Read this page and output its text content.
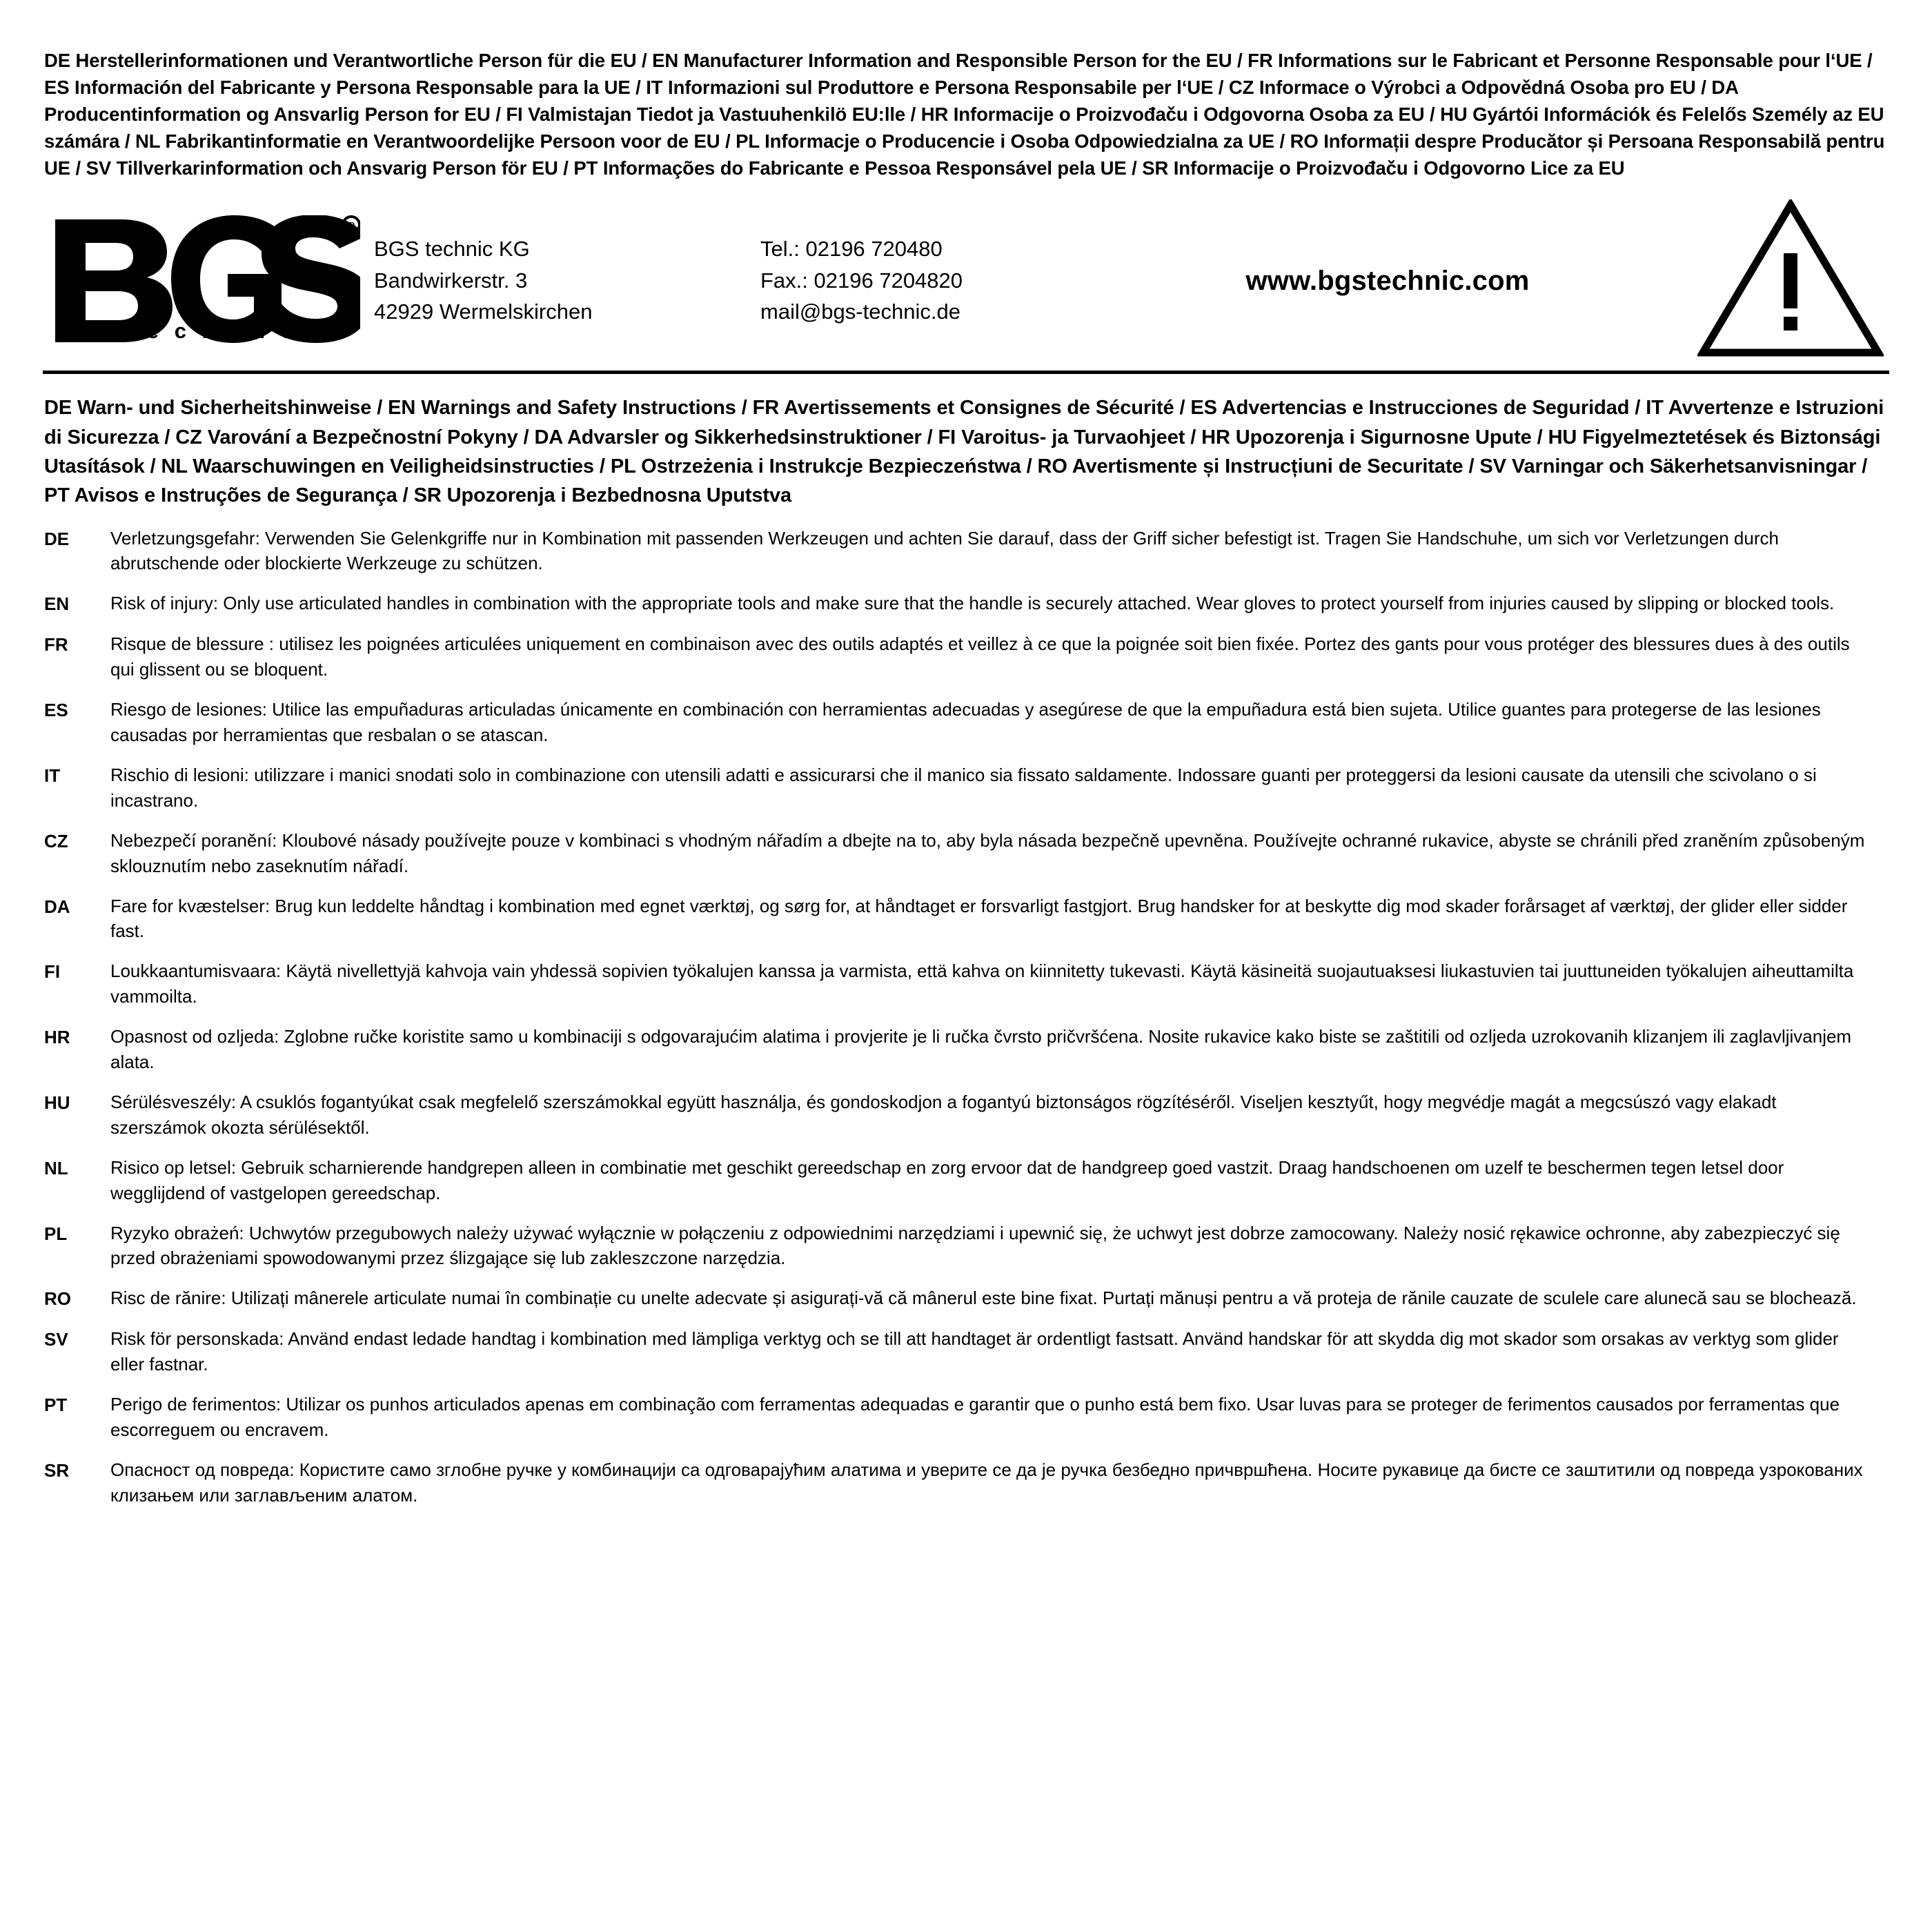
DE Herstellerinformationen und Verantwortliche Person für die EU / EN Manufacturer Information and Responsible Person for the EU / FR Informations sur le Fabricant et Personne Responsable pour l‘UE / ES Información del Fabricante y Persona Responsable para la UE / IT Informazioni sul Produttore e Persona Responsabile per l‘UE / CZ Informace o Výrobci a Odpovědná Osoba pro EU / DA Producentinformation og Ansvarlig Person for EU / FI Valmistajan Tiedot ja Vastuuhenkilö EU:lle / HR Informacije o Proizvođaču i Odgovorna Osoba za EU / HU Gyártói Információk és Felelős Személy az EU számára / NL Fabrikantinformatie en Verantwoordelijke Persoon voor de EU / PL Informacje o Producencie i Osoba Odpowiedzialna za UE / RO Informații despre Producător și Persoana Responsabilă pentru UE / SV Tillverkarinformation och Ansvarig Person för EU / PT Informações do Fabricante e Pessoa Responsável pela UE / SR Informacije o Proizvođaču i Odgovorno Lice za EU
R
t e c h n i c
BGS technic KG
Bandwirkerstr. 3
42929 Wermelskirchen
Tel.: 02196 720480
Fax.: 02196 7204820
mail@bgs-technic.de
www.bgstechnic.com
DE Warn- und Sicherheitshinweise / EN Warnings and Safety Instructions / FR Avertissements et Consignes de Sécurité / ES Advertencias e Instrucciones de Seguridad / IT Avvertenze e Istruzioni di Sicurezza / CZ Varování a Bezpečnostní Pokyny / DA Advarsler og Sikkerhedsinstruktioner / FI Varoitus- ja Turvaohjeet / HR Upozorenja i Sigurnosne Upute / HU Figyelmeztetések és Biztonsági Utasítások / NL Waarschuwingen en Veiligheidsinstructies / PL Ostrzeżenia i Instrukcje Bezpieczeństwa / RO Avertismente și Instrucțiuni de Securitate / SV Varningar och Säkerhetsanvisningar / PT Avisos e Instruções de Segurança / SR Upozorenja i Bezbednosna Uputstva
DE	Verletzungsgefahr: Verwenden Sie Gelenkgriffe nur in Kombination mit passenden Werkzeugen und achten Sie darauf, dass der Griff sicher befestigt ist. Tragen Sie Handschuhe, um sich vor Verletzungen durch abrutschende oder blockierte Werkzeuge zu schützen.
EN	Risk of injury: Only use articulated handles in combination with the appropriate tools and make sure that the handle is securely attached. Wear gloves to protect yourself from injuries caused by slipping or blocked tools.
FR	Risque de blessure : utilisez les poignées articulées uniquement en combinaison avec des outils adaptés et veillez à ce que la poignée soit bien fixée. Portez des gants pour vous protéger des blessures dues à des outils qui glissent ou se bloquent.
ES	Riesgo de lesiones: Utilice las empuñaduras articuladas únicamente en combinación con herramientas adecuadas y asegúrese de que la empuñadura está bien sujeta. Utilice guantes para protegerse de las lesiones causadas por herramientas que resbalan o se atascan.
IT	Rischio di lesioni: utilizzare i manici snodati solo in combinazione con utensili adatti e assicurarsi che il manico sia fissato saldamente. Indossare guanti per proteggersi da lesioni causate da utensili che scivolano o si incastrano.
CZ	Nebezpečí poranění: Kloubové násady používejte pouze v kombinaci s vhodným nářadím a dbejte na to, aby byla násada bezpečně upevněna. Používejte ochranné rukavice, abyste se chránili před zraněním způsobeným sklouznutím nebo zaseknutím nářadí.
DA	Fare for kvæstelser: Brug kun leddelte håndtag i kombination med egnet værktøj, og sørg for, at håndtaget er forsvarligt fastgjort. Brug handsker for at beskytte dig mod skader forårsaget af værktøj, der glider eller sidder fast.
FI	Loukkaantumisvaara: Käytä nivellettyjä kahvoja vain yhdessä sopivien työkalujen kanssa ja varmista, että kahva on kiinnitetty tukevasti. Käytä käsineitä suojautuaksesi liukastuvien tai juuttuneiden työkalujen aiheuttamilta vammoilta.
HR	Opasnost od ozljeda: Zglobne ručke koristite samo u kombinaciji s odgovarajućim alatima i provjerite je li ručka čvrsto pričvršćena. Nosite rukavice kako biste se zaštitili od ozljeda uzrokovanih klizanjem ili zaglavljivanjem alata.
HU	Sérülésveszély: A csuklós fogantyúkat csak megfelelő szerszámokkal együtt használja, és gondoskodjon a fogantyú biztonságos rögzítéséről. Viseljen kesztyűt, hogy megvédje magát a megcsúszó vagy elakadt szerszámok okozta sérülésektől.
NL	Risico op letsel: Gebruik scharnierende handgrepen alleen in combinatie met geschikt gereedschap en zorg ervoor dat de handgreep goed vastzit. Draag handschoenen om uzelf te beschermen tegen letsel door wegglijdend of vastgelopen gereedschap.
PL	Ryzyko obrażeń: Uchwytów przegubowych należy używać wyłącznie w połączeniu z odpowiednimi narzędziami i upewnić się, że uchwyt jest dobrze zamocowany. Należy nosić rękawice ochronne, aby zabezpieczyć się przed obrażeniami spowodowanymi przez ślizgające się lub zakleszczone narzędzia.
RO	Risc de rănire: Utilizați mânerele articulate numai în combinație cu unelte adecvate și asigurați-vă că mânerul este bine fixat. Purtați mănuși pentru a vă proteja de rănile cauzate de sculele care alunecă sau se blochează.
SV	Risk för personskada: Använd endast ledade handtag i kombination med lämpliga verktyg och se till att handtaget är ordentligt fastsatt. Använd handskar för att skydda dig mot skador som orsakas av verktyg som glider eller fastnar.
PT	Perigo de ferimentos: Utilizar os punhos articulados apenas em combinação com ferramentas adequadas e garantir que o punho está bem fixo. Usar luvas para se proteger de ferimentos causados por ferramentas que escorreguem ou encravem.
SR	Опасност од повреда: Користите само зглобне ручке у комбинацији са одговарајућим алатима и уверите се да је ручка безбедно причвршћена. Носите рукавице да бисте се заштитили од повреда узрокованих клизањем или заглављеним алатом.
